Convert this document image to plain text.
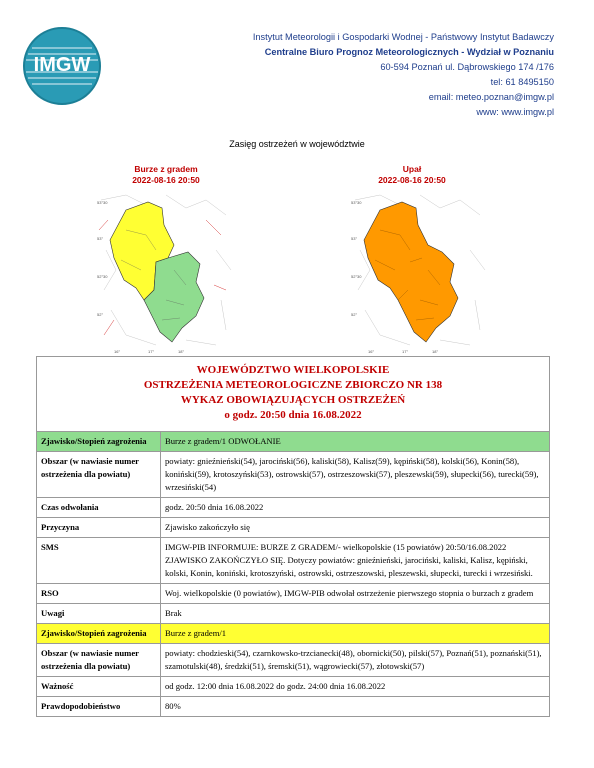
IMGW
Instytut Meteorologii i Gospodarki Wodnej - Państwowy Instytut Badawczy
Centralne Biuro Prognoz Meteorologicznych - Wydział w Poznaniu
60-594 Poznań ul. Dąbrowskiego 174 /176
tel: 61 8495150
email: meteo.poznan@imgw.pl
www: www.imgw.pl
Zasięg ostrzeżeń w województwie
Burze z gradem
2022-08-16 20:50
53°30
53°
52°30
52°
16°	17°	18°
Upał
2022-08-16 20:50
53°30
53°
52°30
52°
16°	17°	18°
WOJEWÓDZTWO WIELKOPOLSKIE
OSTRZEŻENIA METEOROLOGICZNE ZBIORCZO NR 138
WYKAZ OBOWIĄZUJĄCYCH OSTRZEŻEŃ
o godz. 20:50 dnia 16.08.2022	

Zjawisko/Stopień zagrożenia	Burze z gradem/1 ODWOŁANIE
Obszar (w nawiasie numer ostrzeżenia dla powiatu)	powiaty: gnieźnieński(54), jarociński(56), kaliski(58), Kalisz(59), kępiński(58), kolski(56), Konin(58), koniński(59), krotoszyński(53), ostrowski(57), ostrzeszowski(57), pleszewski(59), słupecki(56), turecki(59), wrzesiński(54)
Czas odwołania	godz. 20:50 dnia 16.08.2022
Przyczyna	Zjawisko zakończyło się
SMS	IMGW-PIB INFORMUJE: BURZE Z GRADEM/- wielkopolskie (15 powiatów) 20:50/16.08.2022 ZJAWISKO ZAKOŃCZYŁO SIĘ. Dotyczy powiatów: gnieźnieński, jarociński, kaliski, Kalisz, kępiński, kolski, Konin, koniński, krotoszyński, ostrowski, ostrzeszowski, pleszewski, słupecki, turecki i wrzesiński.
RSO	Woj. wielkopolskie (0 powiatów), IMGW-PIB odwołał ostrzeżenie pierwszego stopnia o burzach z gradem
Uwagi	Brak
Zjawisko/Stopień zagrożenia	Burze z gradem/1
Obszar (w nawiasie numer ostrzeżenia dla powiatu)	powiaty: chodzieski(54), czarnkowsko-trzcianecki(48), obornicki(50), pilski(57), Poznań(51), poznański(51), szamotulski(48), średzki(51), śremski(51), wągrowiecki(57), złotowski(57)
Ważność	od godz. 12:00 dnia 16.08.2022 do godz. 24:00 dnia 16.08.2022
Prawdopodobieństwo	80%
